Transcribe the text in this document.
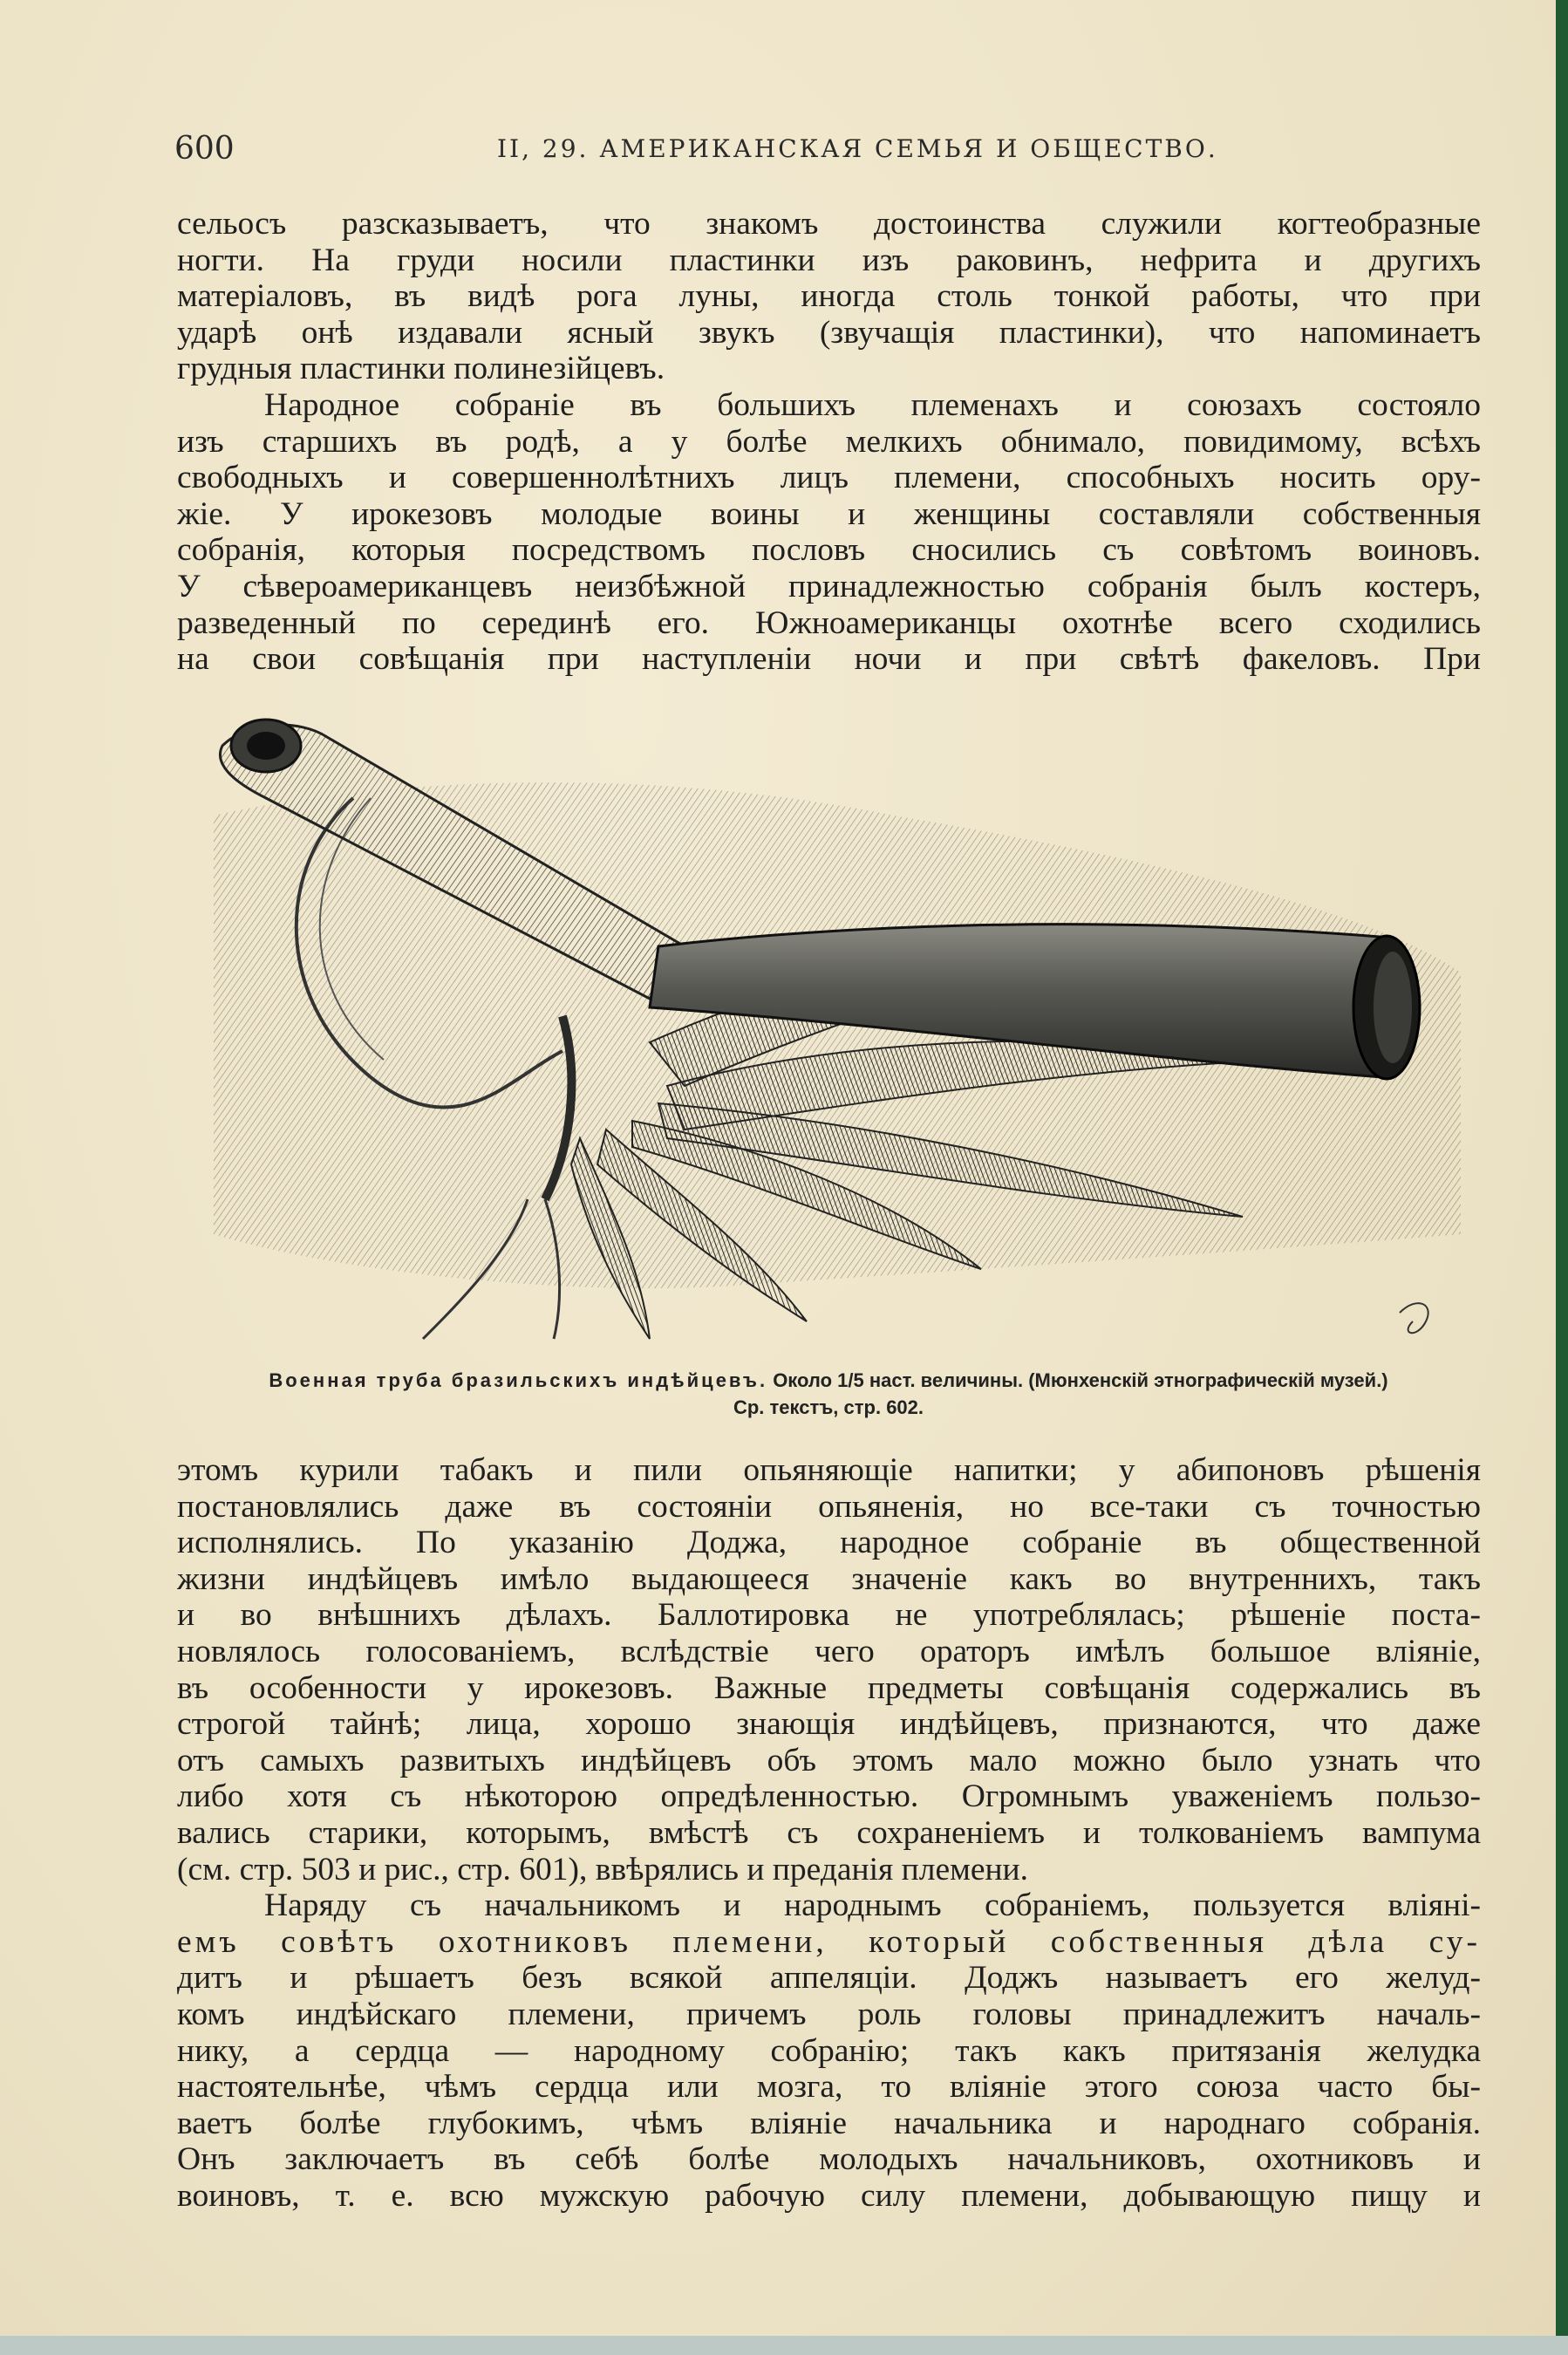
600	II, 29. АМЕРИКАНСКАЯ СЕМЬЯ И ОБЩЕСТВО.
сельосъ разсказываетъ, что знакомъ достоинства служили когтеобразные
ногти. На груди носили пластинки изъ раковинъ, нефрита и другихъ
матеріаловъ, въ видѣ рога луны, иногда столь тонкой работы, что при
ударѣ онѣ издавали ясный звукъ (звучащія пластинки), что напоминаетъ
грудныя пластинки полинезійцевъ.
Народное собраніе въ большихъ племенахъ и союзахъ состояло
изъ старшихъ въ родѣ, а у болѣе мелкихъ обнимало, повидимому, всѣхъ
свободныхъ и совершеннолѣтнихъ лицъ племени, способныхъ носить ору-
жіе. У ирокезовъ молодые воины и женщины составляли собственныя
собранія, которыя посредствомъ пословъ сносились съ совѣтомъ воиновъ.
У сѣвероамериканцевъ неизбѣжной принадлежностью собранія былъ костеръ,
разведенный по серединѣ его. Южноамериканцы охотнѣе всего сходились
на свои совѣщанія при наступленіи ночи и при свѣтѣ факеловъ. При
Военная труба бразильскихъ индѣйцевъ. Около 1/5 наст. величины. (Мюнхенскій этнографическій музей.)
Ср. текстъ, стр. 602.
этомъ курили табакъ и пили опьяняющіе напитки; у абипоновъ рѣшенія
постановлялись даже въ состояніи опьяненія, но все-таки съ точностью
исполнялись. По указанію Доджа, народное собраніе въ общественной
жизни индѣйцевъ имѣло выдающееся значеніе какъ во внутреннихъ, такъ
и во внѣшнихъ дѣлахъ. Баллотировка не употреблялась; рѣшеніе поста-
новлялось голосованіемъ, вслѣдствіе чего ораторъ имѣлъ большое вліяніе,
въ особенности у ирокезовъ. Важные предметы совѣщанія содержались въ
строгой тайнѣ; лица, хорошо знающія индѣйцевъ, признаются, что даже
отъ самыхъ развитыхъ индѣйцевъ объ этомъ мало можно было узнать что
либо хотя съ нѣкоторою опредѣленностью. Огромнымъ уваженіемъ пользо-
вались старики, которымъ, вмѣстѣ съ сохраненіемъ и толкованіемъ вампума
(см. стр. 503 и рис., стр. 601), ввѣрялись и преданія племени.
Наряду съ начальникомъ и народнымъ собраніемъ, пользуется вліяні-
емъ совѣтъ охотниковъ племени, который собственныя дѣла су-
дитъ и рѣшаетъ безъ всякой аппеляціи. Доджъ называетъ его желуд-
комъ индѣйскаго племени, причемъ роль головы принадлежитъ началь-
нику, а сердца — народному собранію; такъ какъ притязанія желудка
настоятельнѣе, чѣмъ сердца или мозга, то вліяніе этого союза часто бы-
ваетъ болѣе глубокимъ, чѣмъ вліяніе начальника и народнаго собранія.
Онъ заключаетъ въ себѣ болѣе молодыхъ начальниковъ, охотниковъ и
воиновъ, т. е. всю мужскую рабочую силу племени, добывающую пищу и
